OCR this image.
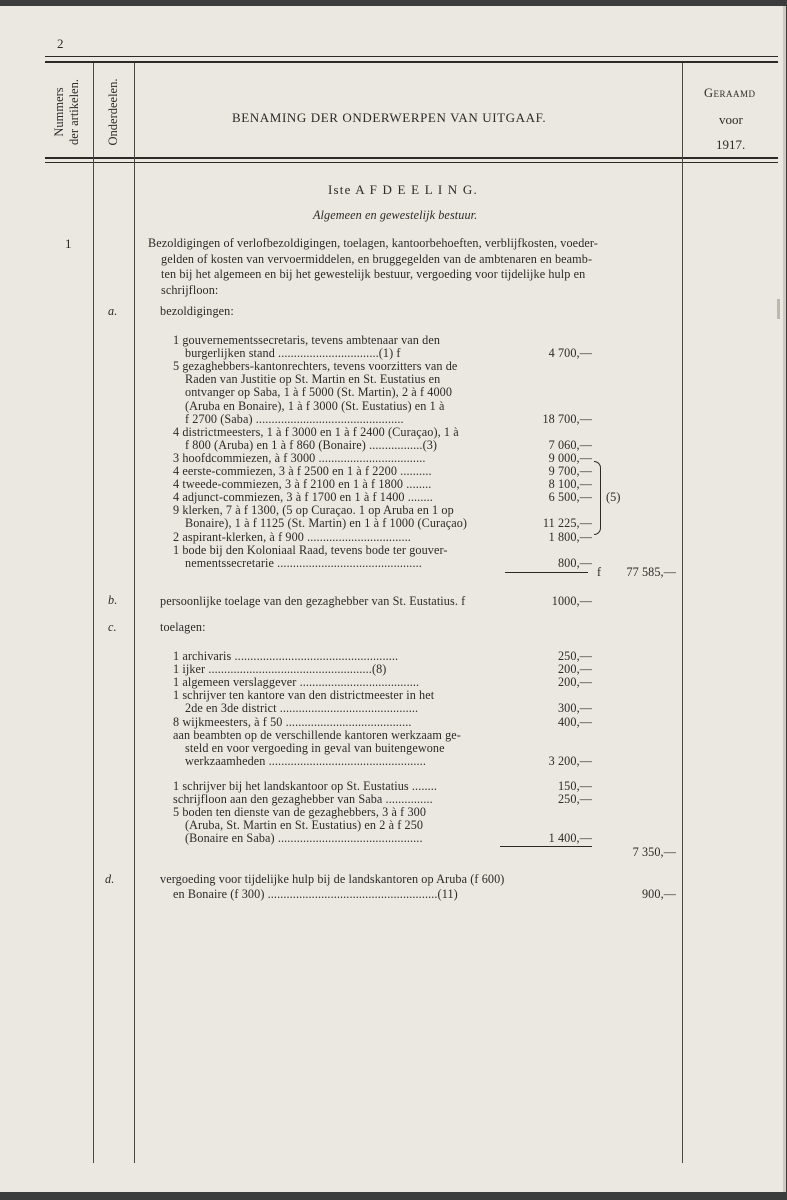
2
Nummers der artikelen. Onderdeelen.	BENAMING DER ONDERWERPEN VAN UITGAAF.
Geraamd
voor
1917.
Iste A F D E E L I N G.
Algemeen en gewestelijk bestuur.
1	Bezoldigingen of verlofbezoldigingen, toelagen, kantoorbehoeften, verblijfkosten, voeder-
gelden of kosten van vervoermiddelen, en bruggegelden van de ambtenaren en beamb-
ten bij het algemeen en bij het gewestelijk bestuur, vergoeding voor tijdelijke hulp en
schrijfloon:
a.	bezoldigingen:
1 gouvernementssecretaris, tevens ambtenaar van den
burgerlijken stand ................................(1) f	4 700,—
5 gezaghebbers-kantonrechters, tevens voorzitters van de
Raden van Justitie op St. Martin en St. Eustatius en
ontvanger op Saba, 1 à f 5000 (St. Martin), 2 à f 4000
(Aruba en Bonaire), 1 à f 3000 (St. Eustatius) en 1 à
f 2700 (Saba) ...............................................	18 700,—
4 districtmeesters, 1 à f 3000 en 1 à f 2400 (Curaçao), 1 à
f 800 (Aruba) en 1 à f 860 (Bonaire) .................(3)	7 060,—
3 hoofdcommiezen, à f 3000 ..................................	9 000,—
4 eerste-commiezen, 3 à f 2500 en 1 à f 2200 ..........	9 700,—
4 tweede-commiezen, 3 à f 2100 en 1 à f 1800 ........	8 100,—
4 adjunct-commiezen, 3 à f 1700 en 1 à f 1400 ........	6 500,—
9 klerken, 7 à f 1300, (5 op Curaçao. 1 op Aruba en 1 op
Bonaire), 1 à f 1125 (St. Martin) en 1 à f 1000 (Curaçao)	11 225,—
2 aspirant-klerken, à f 900 .................................	1 800,—
1 bode bij den Koloniaal Raad, tevens bode ter gouver-
nementssecretarie ..............................................	800,—
(5)
f	77 585,—
b.	persoonlijke toelage van den gezaghebber van St. Eustatius. f	1000,—
c.	toelagen:
1 archivaris ....................................................	250,—
1 ijker ....................................................(8)	200,—
1 algemeen verslaggever ......................................	200,—
1 schrijver ten kantore van den districtmeester in het
2de en 3de district ............................................	300,—
8 wijkmeesters, à f 50 ........................................	400,—
aan beambten op de verschillende kantoren werkzaam ge-
steld en voor vergoeding in geval van buitengewone
werkzaamheden ..................................................	3 200,—
1 schrijver bij het landskantoor op St. Eustatius ........	150,—
schrijfloon aan den gezaghebber van Saba ...............	250,—
5 boden ten dienste van de gezaghebbers, 3 à f 300
(Aruba, St. Martin en St. Eustatius) en 2 à f 250
(Bonaire en Saba) ..............................................	1 400,—
7 350,—
d.	vergoeding voor tijdelijke hulp bij de landskantoren op Aruba (f 600)
en Bonaire (f 300) ......................................................(11)	900,—
